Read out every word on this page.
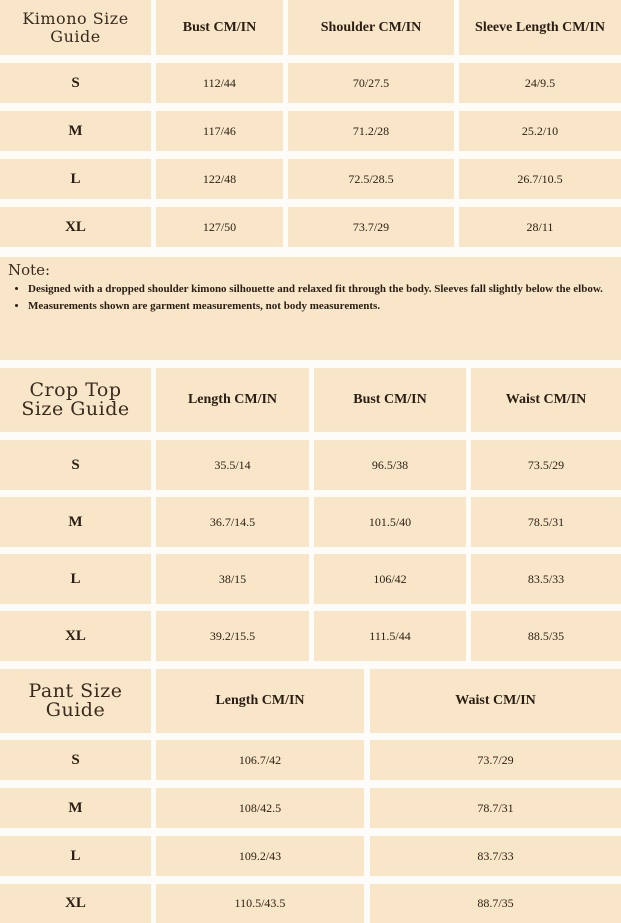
Kimono Size
Guide	Bust CM/IN	Shoulder CM/IN	Sleeve Length CM/IN
S	112/44	70/27.5	24/9.5
M	117/46	71.2/28	25.2/10
L	122/48	72.5/28.5	26.7/10.5
XL	127/50	73.7/29	28/11
Note:
• Designed with a dropped shoulder kimono silhouette and relaxed fit through the body. Sleeves fall slightly below the elbow.
• Measurements shown are garment measurements, not body measurements.
Crop Top
Size Guide	Length CM/IN	Bust CM/IN	Waist CM/IN
S	35.5/14	96.5/38	73.5/29
M	36.7/14.5	101.5/40	78.5/31
L	38/15	106/42	83.5/33
XL	39.2/15.5	111.5/44	88.5/35
Pant Size
Guide	Length CM/IN	Waist CM/IN
S	106.7/42	73.7/29
M	108/42.5	78.7/31
L	109.2/43	83.7/33
XL	110.5/43.5	88.7/35
